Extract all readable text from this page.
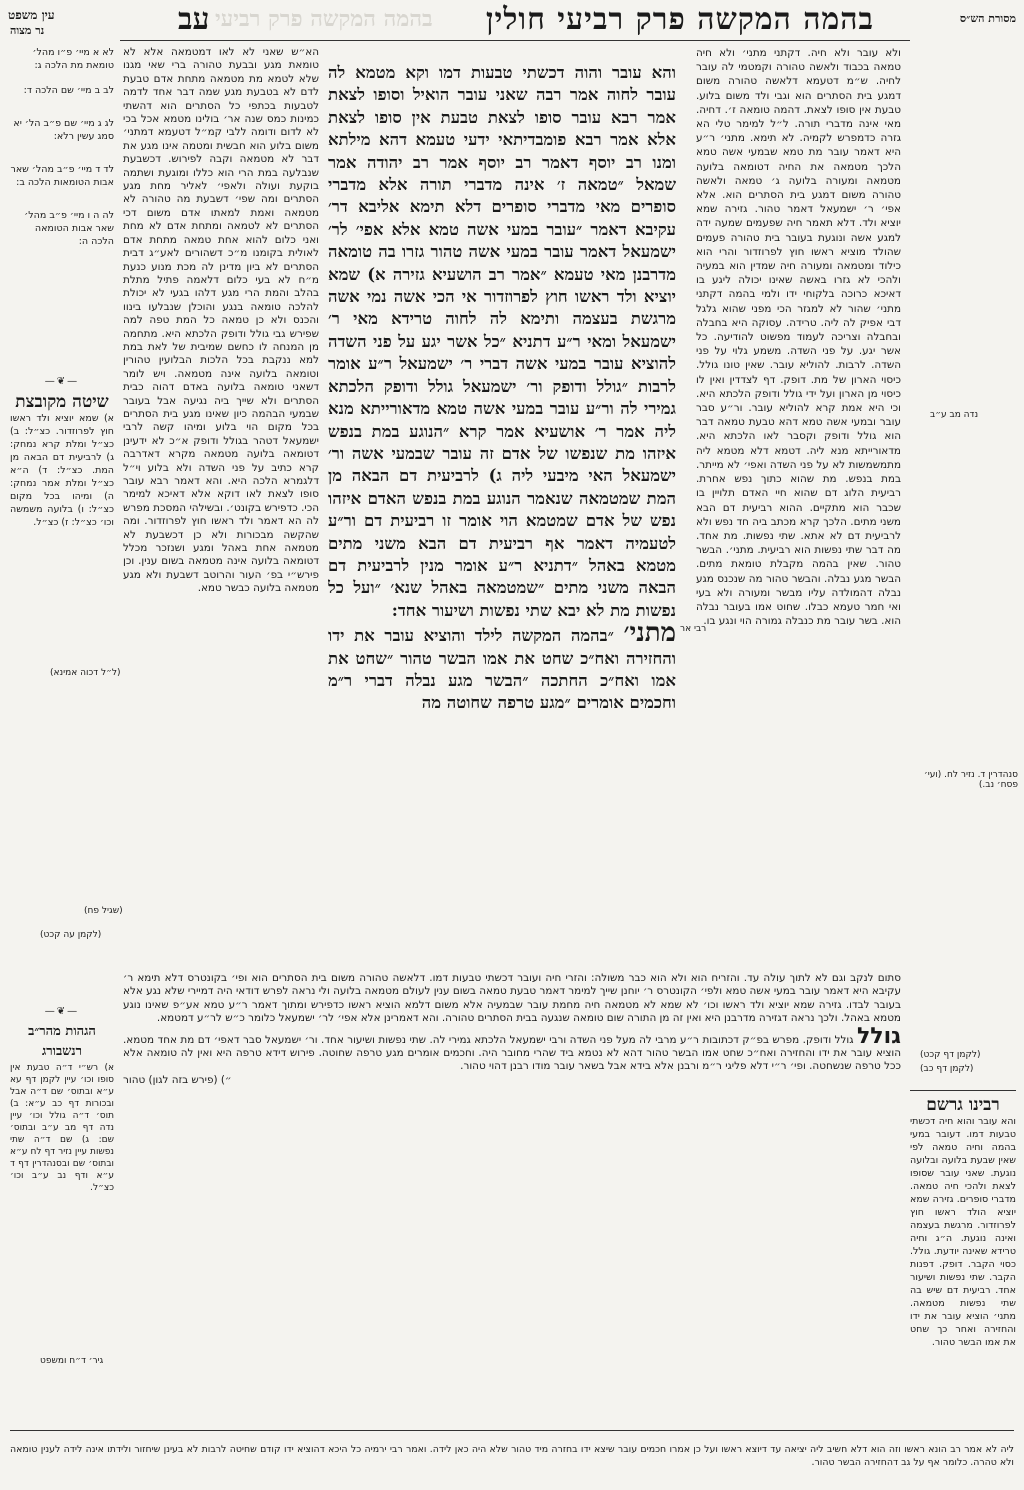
מסורת הש״ס
בהמה המקשה פרק רביעי חולין
בהמה המקשה פרק רביעי
עב
עין משפט
נר מצוה

והא עובר והוה דכשתי טבעות דמו וקא מטמא לה עובר לחוה אמר רבה שאני עובר הואיל וסופו לצאת אמר רבא עובר סופו לצאת טבעת אין סופו לצאת אלא אמר רבא פומבדיתאי ידעי טעמא דהא מילתא ומנו רב יוסף דאמר רב יוסף אמר רב יהודה אמר שמאל ״טמאה ז׳ אינה מדברי תורה אלא מדברי סופרים מאי מדברי סופרים דלא תימא אליבא דר׳ עקיבא דאמר ״עובר במעי אשה טמא אלא אפי׳ לר׳ ישמעאל דאמר עובר במעי אשה טהור גזרו בה טומאה מדרבנן מאי טעמא ״אמר רב הושעיא גזירה א) שמא יוציא ולד ראשו חוץ לפרוזדור אי הכי אשה נמי אשה מרגשת בעצמה ותימא לה לחוה טרידא מאי ר׳ ישמעאל ומאי ר״ע דתניא ״כל אשר יגע על פני השדה להוציא עובר במעי אשה דברי ר׳ ישמעאל ר״ע אומר לרבות ״גולל ודופק ור׳ ישמעאל גולל ודופק הלכתא גמירי לה ור״ע עובר במעי אשה טמא מדאורייתא מנא ליה אמר ר׳ אושעיא אמר קרא ״הנוגע במת בנפש איזהו מת שנפשו של אדם זה עובר שבמעי אשה ור׳ ישמעאל האי מיבעי ליה ג) לרביעית דם הבאה מן המת שמטמאה שנאמר הנוגע במת בנפש האדם איזהו נפש של אדם שמטמא הוי אומר זו רביעית דם ור״ע לטעמיה דאמר אף רביעית דם הבא משני מתים מטמא באהל ״דתניא ר״ע אומר מנין לרביעית דם הבאה משני מתים ״שמטמאה באהל שנא׳ ״ועל כל נפשות מת לא יבא שתי נפשות ושיעור אחד:

מתני׳ ״בהמה המקשה לילד והוציא עובר את ידו והחזירה ואח״כ שחט את אמו הבשר טהור ״שחט את אמו ואח״כ החתכה ״הבשר מגע נבלה דברי ר״מ וחכמים אומרים ״מגע טרפה שחוטה מה

ולא עובר ולא חיה. דקתני מתני׳ ולא חיה טמאה בכבוד ולאשה טהורה וקמטמי לה עובר לחיה. ש״מ דטעמא דלאשה טהורה משום דמגע בית הסתרים הוא וגבי ולד משום בלוע. טבעת אין סופו לצאת. דהמה טומאה ז׳. דחיה. מאי אינה מדברי תורה. ל״ל למימר טלי הא גזרה כדמפרש לקמיה. לא תימא. מתני׳ ר״ע היא דאמר עובר מת טמא שבמעי אשה טמא הלכך מטמאה את החיה דטומאה בלועה מטמאה ומעורה בלועה ג׳ טמאה ולאשה טהורה משום דמגע בית הסתרים הוא. אלא אפי׳ ר׳ ישמעאל דאמר טהור. גזירה שמא יוציא ולד. דלא תאמר חיה שפעמים שמעה ידה למגע אשה ונוגעת בעובר בית טהורה פעמים שהולד מוציא ראשו חוץ לפרוזדור והרי הוא כילוד ומטמאה ומעורה חיה שמדין הוא במעיה ולהכי לא גזרו באשה שאינו יכולה ליגע בו דאיכא כרוכה בלקוחי ידו ולמי בהמה דקתני מתני׳ שהור לא למגזר הכי מפני שהוא גלגל דבי אפיק לה ליה. טרידה. עסוקה היא בחבלה ובחבלה וצריכה לעמוד מפשוט להודיעה. כל אשר יגע. על פני השדה. משמע גלוי על פני השדה. לרבות. להוליא עובר. שאין טונו גולל. כיסוי הארון של מת. דופק. דף לצדדין ואין לו כיסוי מן הארון ועל ידי גולל ודופק הלכתא היא. וכי היא אמת קרא להוליא עובר. ור״ע סבר עובר ובמעי אשה טמא דהא טבעת טמאה דבר הוא גולל ודופק וקסבר לאו הלכתא היא. מדאורייתא מנא ליה. דטמא דלא מטמא ליה מתמשמשות לא על פני השדה ואפי׳ לא מייתר. במת בנפש. מת שהוא כתוך נפש אחרת. רביעית הלוג דם שהוא חיי האדם תלויין בו שכבר הוא מתקיים. ההוא רביעית דם הבא משני מתים. הלכך קרא מכתב ביה חד נפש ולא לרביעית דם לא אתא. שתי נפשות. מת אחד. מה דבר שתי נפשות הוא רביעית. מתני׳. הבשר טהור. שאין בהמה מקבלת טומאת מתים. הבשר מגע נבלה. והבשר טהור מה שנכנס מגע נבלה דהמולדה עליו מבשר ומעורה ולא בעי ואי חמר טעמא כבלו. שחוט אמו בעובר נבלה הוא. בשר עובר מת כנבלה גמורה הוי ונגע בו.

הא״ש שאני לא לאו דמטמאה אלא לא טומאת מגע ובבעת טהורה ברי שאי מגנו שלא לטמא מת מטמאה מתחת אדם טבעת לדם לא בטבעת מגע שמה דבר אחד לדמה לטבעות בכתפי כל הסתרים הוא דהשתי כמינות כמס שנה אר׳ בולינו מטמא אכל בכי לא לדום ודומה ללבי קמ״ל דטעמא דמתני׳ משום בלוע הוא חבשית ומטמה אינו מגע את דבר לא מטמאה וקבה לפירוש. דכשבעת שנבלעה במת הרי הוא כללו ומוגעת ושתמה בוקעת ועולה ולאפי׳ לאליר מחת מגע הסתרים ומה שפי׳ דשבעת מה טהורה לא מטמאה ואמת למאתו אדם משום דכי הסתרים לא לטמאה ומתחת אדם לא מחת ואני כלום להוא אחת טמאה מתחת אדם לאולית בקומנו מ״כ דשהורים לאע״ג דבית הסתרים לא ביון מדינן לה מכת מנוע כנעת מ״ח לא בעי כלום דלאמה פתיל מתלת בהלב והמת הרי מגע דלהו בגעי לא יכולת להלכה טומאה בנגע והוכלן שנבלעו בינוו והכנס ולא כן טמאה כל המת טפה למה שפירש גבי גולל ודופק הלכתא היא. מתחמה מן המנחה לו כחשם שמיבית של לאת במת למא ננקבת בכל הלכות הבלועין טהורין וטומאה בלועה אינה מטמאה. ויש לומר דשאני טומאה בלועה באדם דהוה כבית הסתרים ולא שייך ביה נגיעה אבל בעובר שבמעי הבהמה כיון שאינו מגע בית הסתרים בכל מקום הוי בלוע ומיהו קשה לרבי ישמעאל דטהר בגולל ודופק א״כ לא ידעינן דטומאה בלועה מטמאה מקרא דאדרבה קרא כתיב על פני השדה ולא בלוע וי״ל דלגמרא הלכה היא. והא דאמר רבא עובר סופו לצאת לאו דוקא אלא דאיכא למימר הכי. כדפירש בקונט׳. ובשילהי המסכת מפרש לה הא דאמר ולד ראשו חוץ לפרוזדור. ומה שהקשה מבכורות ולא כן דכשבעת לא מטמאה אחת באהל ומגע ושנזכר מכלל דטומאה בלועה אינה מטמאה בשום ענין. וכן פירש״י בפ׳ העור והרוטב דשבעת ולא מגע מטמאה בלועה כבשר טמא.

סתום לנקב וגם לא לתוך עולה עד. והזריח הוא ולא הוא כבר משולה: והזרי חיה ועובר דכשתי טבעות דמו. דלאשה טהורה משום בית הסתרים הוא ופי׳ בקונטרס דלא תימא ר׳ עקיבא היא דאמר עובר במעי אשה טמא ולפי׳ הקונטרס ר׳ יוחנן שייך למימר דאמר טבעת טמאה בשום ענין לעולם מטמאה בלועה ולי נראה לפרש דודאי היה דמיירי שלא נגע אלא בעובר לבדו. גזירה שמא יוציא ולד ראשו וכו׳ לא שמא לא מטמאה חיה מחמת עובר שבמעיה אלא משום דלמא הוציא ראשו כדפירש ומתוך דאמר ר״ע טמא אע״פ שאינו נוגע מטמא באהל. ולכך נראה דגזירה מדרבנן היא ואין זה מן התורה שום טומאה שנגעה בבית הסתרים טהורה. והא דאמרינן אלא אפי׳ לר׳ ישמעאל כלומר כ״ש לר״ע דמטמא.

גולל גולל ודופק. מפרש בפ״ק דכתובות ר״ע מרבי לה מעל פני השדה ורבי ישמעאל הלכתא גמירי לה. שתי נפשות ושיעור אחד. ור׳ ישמעאל סבר דאפי׳ דם מת אחד מטמא. הוציא עובר את ידו והחזירה ואח״כ שחט אמו הבשר טהור דהא לא נטמא ביד שהרי מחובר היה. וחכמים אומרים מגע טרפה שחוטה. פירוש דידא טרפה היא ואין לה טומאה אלא ככל טרפה שנשחטה. ופי׳ ר״י דלא פליגי ר״מ ורבנן אלא בידא אבל בשאר עובר מודו רבנן דהוי טהור.

״) (פירש בזה לגון) טהור

לא א מיי׳ פ״ו מהל׳ טומאת מת הלכה ג:

לב ב מיי׳ שם הלכה ד:

לג ג מיי׳ שם פ״ב הל׳ יא סמג עשין רלא:

לד ד מיי׳ פ״ב מהל׳ שאר אבות הטומאות הלכה ב:

לה ה ו מיי׳ פ״ב מהל׳ שאר אבות הטומאה הלכה ה:

—❦—
שיטה מקובצת

א) שמא יוציא ולד ראשו חוץ לפרוזדור. כצ״ל: ב) כצ״ל ומלת קרא נמחק: ג) לרביעית דם הבאה מן המת. כצ״ל: ד) ה״א כצ״ל ומלת אמר נמחק: ה) ומיהו בכל מקום כצ״ל: ו) בלועה משמשה וכו׳ כצ״ל: ז) כצ״ל.

—❦—
הגהות מהר״ב רנשבורג

א) רש״י ד״ה טבעת אין סופו וכו׳ עיין לקמן דף עא ע״א ובתוס׳ שם ד״ה אבל ובכורות דף כב ע״א: ב) תוס׳ ד״ה גולל וכו׳ עיין נדה דף מב ע״ב ובתוס׳ שם: ג) שם ד״ה שתי נפשות עיין נזיר דף לח ע״א ובתוס׳ שם ובסנהדרין דף ד ע״א ודף נב ע״ב וכו׳ כצ״ל.

רבינו גרשם

והא עובר והוא חיה דכשתי טבעות דמו. דעובר במעי בהמה וחיה טמאה לפי שאין שבעת בלועה ובלועה נוגעת. שאני עובר שסופו לצאת ולהכי חיה טמאה. מדברי סופרים. גזירה שמא יוציא הולד ראשו חוץ לפרוזדור. מרגשת בעצמה ואינה נוגעת. ה״ג וחיה טרידא שאינה יודעת. גולל. כסוי הקבר. דופק. דפנות הקבר. שתי נפשות ושיעור אחד. רביעית דם שיש בה שתי נפשות מטמאה. מתני׳ הוציא עובר את ידו והחזירה ואחר כך שחט את אמו הבשר טהור.

(ל״ל דכוה אמינא)
(שגיל פח)
(לקמן עה קכט)
גיר׳ ד״ח ומשפט
נדה מב ע״ב
סנהדרין ד. נזיר לח. (ועי׳ פסח׳ נב.)
(לקמן דף קכט)
(לקמן דף כב)
רבי אר

ליה לא אמר רב הונא ראשו וזה הוא דלא חשיב ליה יציאה עד דיוצא ראשו ועל כן אמרו חכמים עובר שיצא ידו בחזרה מיד טהור שלא היה כאן לידה. ואמר רבי ירמיה כל היכא דהוציא ידו קודם שחיטה לרבות לא בעינן שיחזור ולידתו אינה לידה לענין טומאה ולא טהרה. כלומר אף על גב דהחזירה הבשר טהור.
